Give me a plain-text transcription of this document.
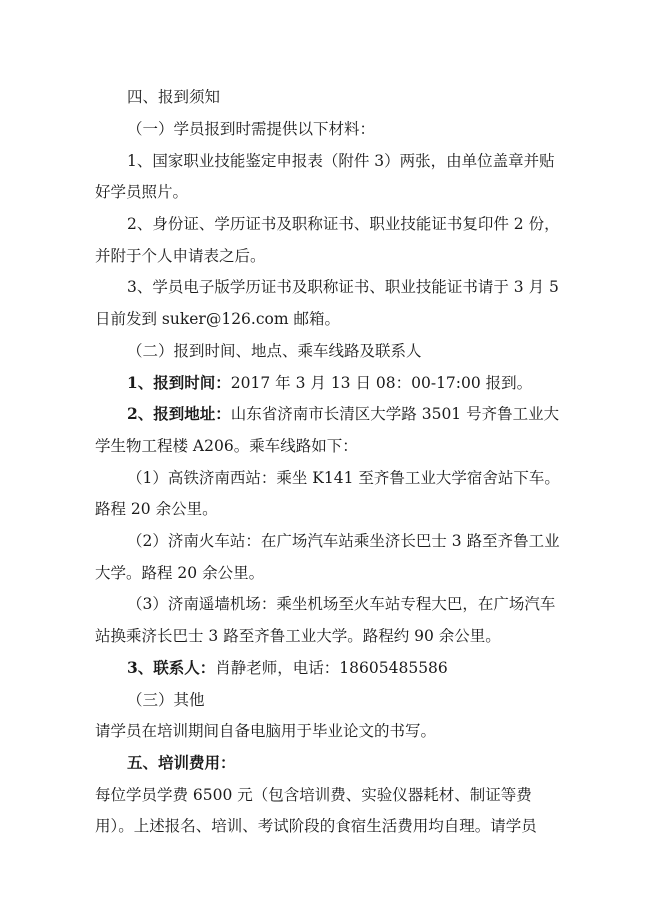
四、报到须知
（一）学员报到时需提供以下材料：
1、国家职业技能鉴定申报表（附件 3）两张，由单位盖章并贴
好学员照片。
2、身份证、学历证书及职称证书、职业技能证书复印件 2 份，
并附于个人申请表之后。
3、学员电子版学历证书及职称证书、职业技能证书请于 3 月 5
日前发到 suker@126.com 邮箱。
（二）报到时间、地点、乘车线路及联系人
1、报到时间：2017 年 3 月 13 日 08：00-17:00 报到。
2、报到地址：山东省济南市长清区大学路 3501 号齐鲁工业大
学生物工程楼 A206。乘车线路如下：
（1）高铁济南西站：乘坐 K141 至齐鲁工业大学宿舍站下车。
路程 20 余公里。
（2）济南火车站：在广场汽车站乘坐济长巴士 3 路至齐鲁工业
大学。路程 20 余公里。
（3）济南遥墙机场：乘坐机场至火车站专程大巴，在广场汽车
站换乘济长巴士 3 路至齐鲁工业大学。路程约 90 余公里。
3、联系人：肖静老师，电话：18605485586
（三）其他
请学员在培训期间自备电脑用于毕业论文的书写。
五、培训费用：
每位学员学费 6500 元（包含培训费、实验仪器耗材、制证等费
用）。上述报名、培训、考试阶段的食宿生活费用均自理。请学员
